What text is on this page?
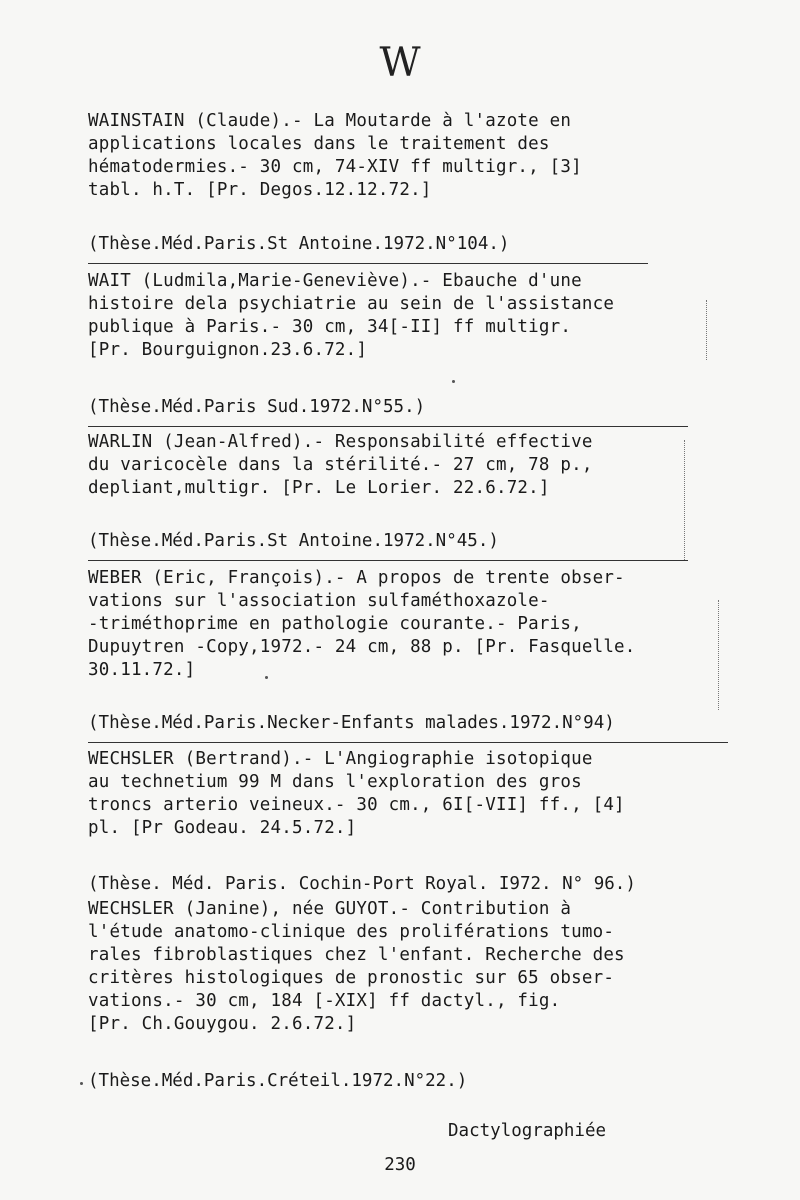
W
WAINSTAIN (Claude).- La Moutarde à l'azote en
applications locales dans le traitement des
hématodermies.- 30 cm, 74-XIV ff multigr., [3]
tabl. h.T. [Pr. Degos.12.12.72.]
(Thèse.Méd.Paris.St Antoine.1972.N°104.)
WAIT (Ludmila,Marie-Geneviève).- Ebauche d'une
histoire dela psychiatrie au sein de l'assistance
publique à Paris.- 30 cm, 34[-II] ff multigr.
[Pr. Bourguignon.23.6.72.]
(Thèse.Méd.Paris Sud.1972.N°55.)
WARLIN (Jean-Alfred).- Responsabilité effective
du varicocèle dans la stérilité.- 27 cm, 78 p.,
depliant,multigr. [Pr. Le Lorier. 22.6.72.]
(Thèse.Méd.Paris.St Antoine.1972.N°45.)
WEBER (Eric, François).- A propos de trente obser-
vations sur l'association sulfaméthoxazole-
-triméthoprime en pathologie courante.- Paris,
Dupuytren -Copy,1972.- 24 cm, 88 p. [Pr. Fasquelle.
30.11.72.]
(Thèse.Méd.Paris.Necker-Enfants malades.1972.N°94)
WECHSLER (Bertrand).- L'Angiographie isotopique
au technetium 99 M dans l'exploration des gros
troncs arterio veineux.- 30 cm., 6I[-VII] ff., [4]
pl. [Pr Godeau. 24.5.72.]
(Thèse. Méd. Paris. Cochin-Port Royal. I972. N° 96.)
WECHSLER (Janine), née GUYOT.- Contribution à
l'étude anatomo-clinique des proliférations tumo-
rales fibroblastiques chez l'enfant. Recherche des
critères histologiques de pronostic sur 65 obser-
vations.- 30 cm, 184 [-XIX] ff dactyl., fig.
[Pr. Ch.Gouygou. 2.6.72.]
(Thèse.Méd.Paris.Créteil.1972.N°22.)
Dactylographiée
230
